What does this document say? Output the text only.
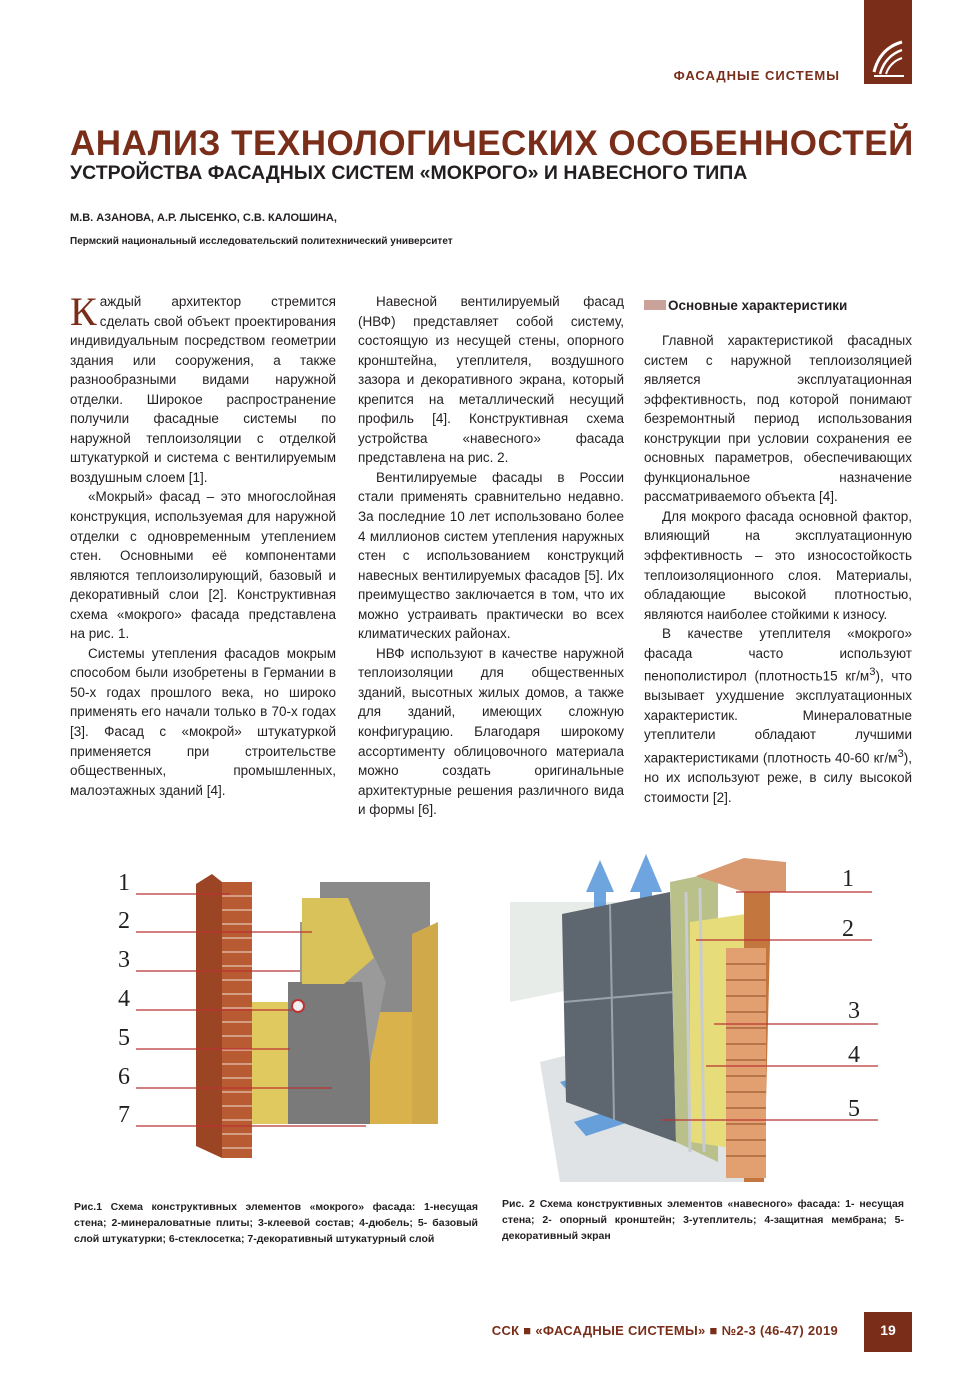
ФАСАДНЫЕ СИСТЕМЫ
АНАЛИЗ ТЕХНОЛОГИЧЕСКИХ ОСОБЕННОСТЕЙ
УСТРОЙСТВА ФАСАДНЫХ СИСТЕМ «МОКРОГО» И НАВЕСНОГО ТИПА
М.В. АЗАНОВА, А.Р. ЛЫСЕНКО, С.В. КАЛОШИНА,
Пермский национальный исследовательский политехнический университет

Каждый архитектор стремится сделать свой объект проектирования индивидуальным посредством геометрии здания или сооружения, а также разнообразными видами наружной отделки. Широкое распространение получили фасадные системы по наружной теплоизоляции с отделкой штукатуркой и система с вентилируемым воздушным слоем [1].

«Мокрый» фасад – это многослойная конструкция, используемая для наружной отделки с одновременным утеплением стен. Основными её компонентами являются теплоизолирующий, базовый и декоративный слои [2]. Конструктивная схема «мокрого» фасада представлена на рис. 1.

Системы утепления фасадов мокрым способом были изобретены в Германии в 50-х годах прошлого века, но широко применять его начали только в 70-х годах [3]. Фасад с «мокрой» штукатуркой применяется при строительстве общественных, промышленных, малоэтажных зданий [4].

Навесной вентилируемый фасад (НВФ) представляет собой систему, состоящую из несущей стены, опорного кронштейна, утеплителя, воздушного зазора и декоративного экрана, который крепится на металлический несущий профиль [4]. Конструктивная схема устройства «навесного» фасада представлена на рис. 2.

Вентилируемые фасады в России стали применять сравнительно недавно. За последние 10 лет использовано более 4 миллионов систем утепления наружных стен с использованием конструкций навесных вентилируемых фасадов [5]. Их преимущество заключается в том, что их можно устраивать практически во всех климатических районах.

НВФ используют в качестве наружной теплоизоляции для общественных зданий, высотных жилых домов, а также для зданий, имеющих сложную конфигурацию. Благодаря широкому ассортименту облицовочного материала можно создать оригинальные архитектурные решения различного вида и формы [6].

Основные характеристики

Главной характеристикой фасадных систем с наружной теплоизоляцией является эксплуатационная эффективность, под которой понимают безремонтный период использования конструкции при условии сохранения ее основных параметров, обеспечивающих функциональное назначение рассматриваемого объекта [4].

Для мокрого фасада основной фактор, влияющий на эксплуатационную эффективность – это износостойкость теплоизоляционного слоя. Материалы, обладающие высокой плотностью, являются наиболее стойкими к износу.

В качестве утеплителя «мокрого» фасада часто используют пенополистирол (плотность15 $кг/м^3$), что вызывает ухудшение эксплуатационных характеристик. Минераловатные утеплители обладают лучшими характеристиками (плотность 40-60 $кг/м^3$), но их используют реже, в силу высокой стоимости [2].

1
2
3
4
5
6
7
Рис.1 Схема конструктивных элементов «мокрого» фасада: 1-несущая стена; 2-минераловатные плиты; 3-клеевой состав; 4-дюбель; 5- базовый слой штукатурки; 6-стеклосетка; 7-декоративный штукатурный слой
1
2
3
4
5
Рис. 2 Схема конструктивных элементов «навесного» фасада: 1- несущая стена; 2- опорный кронштейн; 3-утеплитель; 4-защитная мембрана; 5-декоративный экран
ССК ■ «ФАСАДНЫЕ СИСТЕМЫ» ■ №2-3 (46-47) 2019	19
